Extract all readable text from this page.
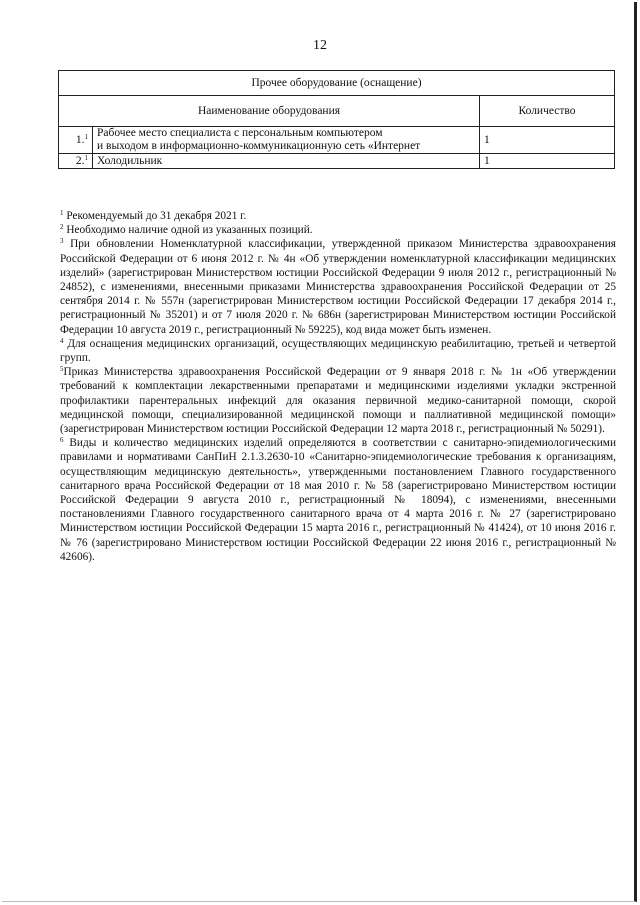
12
Прочее оборудование (оснащение)		
Наименование оборудования		Количество
1.$^1$	Рабочее место специалиста с персональным компьютером
и выходом в информационно-коммуникационную сеть «Интернет	1
2.$^1$	Холодильник	1

$^1$ Рекомендуемый до 31 декабря 2021 г.

$^2$ Необходимо наличие одной из указанных позиций.

$^3$ При обновлении Номенклатурной классификации, утвержденной приказом Министерства здравоохранения Российской Федерации от 6 июня 2012 г. № 4н «Об утверждении номенклатурной классификации медицинских изделий» (зарегистрирован Министерством юстиции Российской Федерации 9 июля 2012 г., регистрационный № 24852), с изменениями, внесенными приказами Министерства здравоохранения Российской Федерации от 25 сентября 2014 г. № 557н (зарегистрирован Министерством юстиции Российской Федерации 17 декабря 2014 г., регистрационный № 35201) и от 7 июля 2020 г. № 686н (зарегистрирован Министерством юстиции Российской Федерации 10 августа 2019 г., регистрационный № 59225), код вида может быть изменен.

$^4$ Для оснащения медицинских организаций, осуществляющих медицинскую реабилитацию, третьей и четвертой групп.

$^5$Приказ Министерства здравоохранения Российской Федерации от 9 января 2018 г. № 1н «Об утверждении требований к комплектации лекарственными препаратами и медицинскими изделиями укладки экстренной профилактики парентеральных инфекций для оказания первичной медико-санитарной помощи, скорой медицинской помощи, специализированной медицинской помощи и паллиативной медицинской помощи» (зарегистрирован Министерством юстиции Российской Федерации 12 марта 2018 г., регистрационный № 50291).

$^6$ Виды и количество медицинских изделий определяются в соответствии с санитарно-эпидемиологическими правилами и нормативами СанПиН 2.1.3.2630-10 «Санитарно-эпидемиологические требования к организациям, осуществляющим медицинскую деятельность», утвержденными постановлением Главного государственного санитарного врача Российской Федерации от 18 мая 2010 г. № 58 (зарегистрировано Министерством юстиции Российской Федерации 9 августа 2010 г., регистрационный № 18094), с изменениями, внесенными постановлениями Главного государственного санитарного врача от 4 марта 2016 г. № 27 (зарегистрировано Министерством юстиции Российской Федерации 15 марта 2016 г., регистрационный № 41424), от 10 июня 2016 г. № 76 (зарегистрировано Министерством юстиции Российской Федерации 22 июня 2016 г., регистрационный № 42606).
